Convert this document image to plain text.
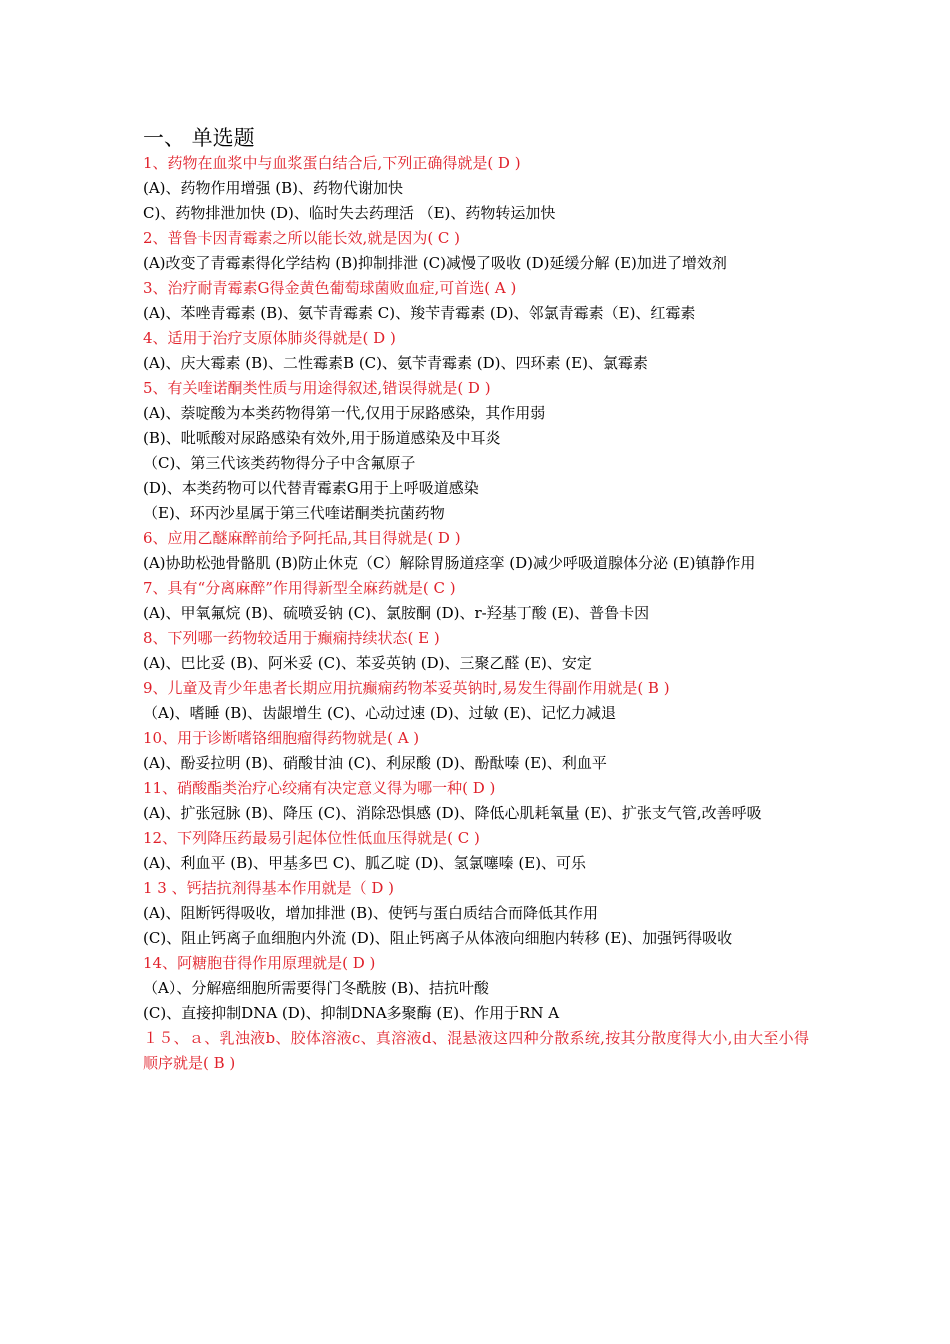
一、 单选题
1、药物在血浆中与血浆蛋白结合后,下列正确得就是( D )
(A)、药物作用增强 (B)、药物代谢加快
C)、药物排泄加快 (D)、临时失去药理活 （E)、药物转运加快
2、普鲁卡因青霉素之所以能长效,就是因为( C )
(A)改变了青霉素得化学结构 (B)抑制排泄 (C)减慢了吸收 (D)延缓分解 (E)加进了增效剂
3、治疗耐青霉素G得金黄色葡萄球菌败血症,可首选( A )
(A)、苯唑青霉素 (B)、氨苄青霉素 C)、羧苄青霉素 (D)、邻氯青霉素（E)、红霉素
4、适用于治疗支原体肺炎得就是( D )
(A)、庆大霉素 (B)、二性霉素B (C)、氨苄青霉素 (D)、四环素 (E)、氯霉素
5、有关喹诺酮类性质与用途得叙述,错误得就是( D )
(A)、萘啶酸为本类药物得第一代,仅用于尿路感染，其作用弱
(B)、吡哌酸对尿路感染有效外,用于肠道感染及中耳炎
（C)、第三代该类药物得分子中含氟原子
(D)、本类药物可以代替青霉素G用于上呼吸道感染
（E)、环丙沙星属于第三代喹诺酮类抗菌药物
6、应用乙醚麻醉前给予阿托品,其目得就是( D )
(A)协助松弛骨骼肌 (B)防止休克（C）解除胃肠道痉挛 (D)减少呼吸道腺体分泌 (E)镇静作用
7、具有“分离麻醉”作用得新型全麻药就是( C )
(A)、甲氧氟烷 (B)、硫喷妥钠 (C)、氯胺酮 (D)、r-羟基丁酸 (E)、普鲁卡因
8、下列哪一药物较适用于癫痫持续状态( E )
(A)、巴比妥 (B)、阿米妥 (C)、苯妥英钠 (D)、三聚乙醛 (E)、安定
9、儿童及青少年患者长期应用抗癫痫药物苯妥英钠时,易发生得副作用就是( B )
（A)、嗜睡 (B)、齿龈增生 (C)、心动过速 (D)、过敏 (E)、记忆力减退
10、用于诊断嗜铬细胞瘤得药物就是( A )
(A)、酚妥拉明 (B)、硝酸甘油 (C)、利尿酸 (D)、酚酞嗪 (E)、利血平
11、硝酸酯类治疗心绞痛有决定意义得为哪一种( D )
(A)、扩张冠脉 (B)、降压 (C)、消除恐惧感 (D)、降低心肌耗氧量 (E)、扩张支气管,改善呼吸
12、下列降压药最易引起体位性低血压得就是( C )
(A)、利血平 (B)、甲基多巴 C)、胍乙啶 (D)、氢氯噻嗪 (E)、可乐
1 3 、钙拮抗剂得基本作用就是（ D )
(A)、阻断钙得吸收，增加排泄 (B)、使钙与蛋白质结合而降低其作用
(C)、阻止钙离子血细胞内外流 (D)、阻止钙离子从体液向细胞内转移 (E)、加强钙得吸收
14、阿糖胞苷得作用原理就是( D )
（A）、分解癌细胞所需要得门冬酰胺 (B)、拮抗叶酸
(C)、直接抑制DNA (D)、抑制DNA多聚酶 (E)、作用于RN A
１５、ａ、乳浊液b、胶体溶液c、真溶液d、混悬液这四种分散系统,按其分散度得大小,由大至小得顺序就是( B )
